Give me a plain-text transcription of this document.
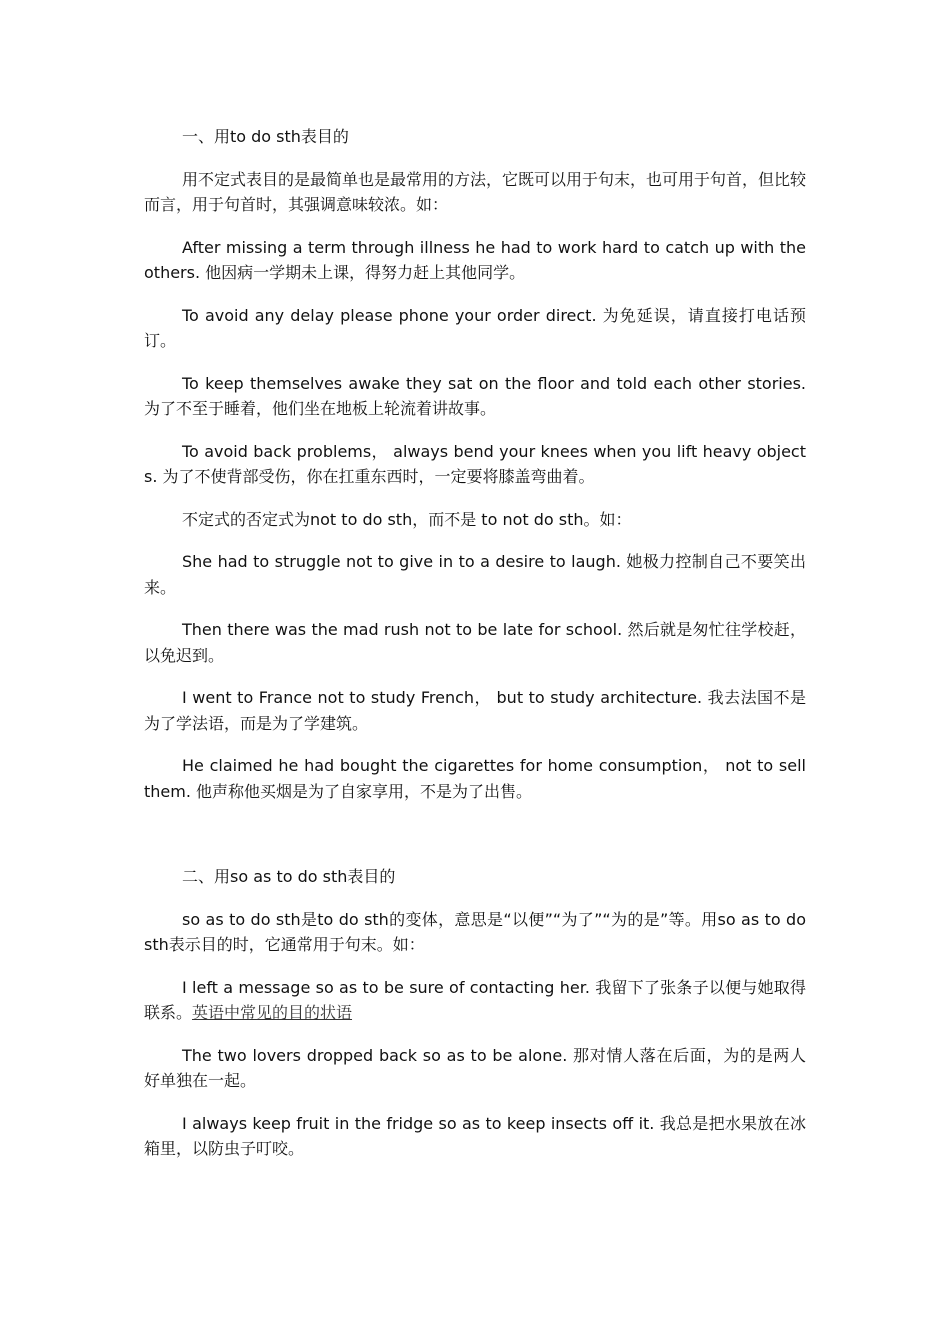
一、用to do sth表目的

用不定式表目的是最简单也是最常用的方法，它既可以用于句末，也可用于句首，但比较而言，用于句首时，其强调意味较浓。如：

After missing a term through illness he had to work hard to catch up with the others. 他因病一学期未上课，得努力赶上其他同学。

To avoid any delay please phone your order direct. 为免延误，请直接打电话预订。

To keep themselves awake they sat on the floor and told each other stories. 为了不至于睡着，他们坐在地板上轮流着讲故事。

To avoid back problems， always bend your knees when you lift heavy objects. 为了不使背部受伤，你在扛重东西时，一定要将膝盖弯曲着。

不定式的否定式为not to do sth，而不是 to not do sth。如：

She had to struggle not to give in to a desire to laugh. 她极力控制自己不要笑出来。

Then there was the mad rush not to be late for school. 然后就是匆忙往学校赶，以免迟到。

I went to France not to study French， but to study architecture. 我去法国不是为了学法语，而是为了学建筑。

He claimed he had bought the cigarettes for home consumption， not to sell them. 他声称他买烟是为了自家享用，不是为了出售。

二、用so as to do sth表目的

so as to do sth是to do sth的变体，意思是“以便”“为了”“为的是”等。用so as to do sth表示目的时，它通常用于句末。如：

I left a message so as to be sure of contacting her. 我留下了张条子以便与她取得联系。英语中常见的目的状语

The two lovers dropped back so as to be alone. 那对情人落在后面，为的是两人好单独在一起。

I always keep fruit in the fridge so as to keep insects off it. 我总是把水果放在冰箱里，以防虫子叮咬。
